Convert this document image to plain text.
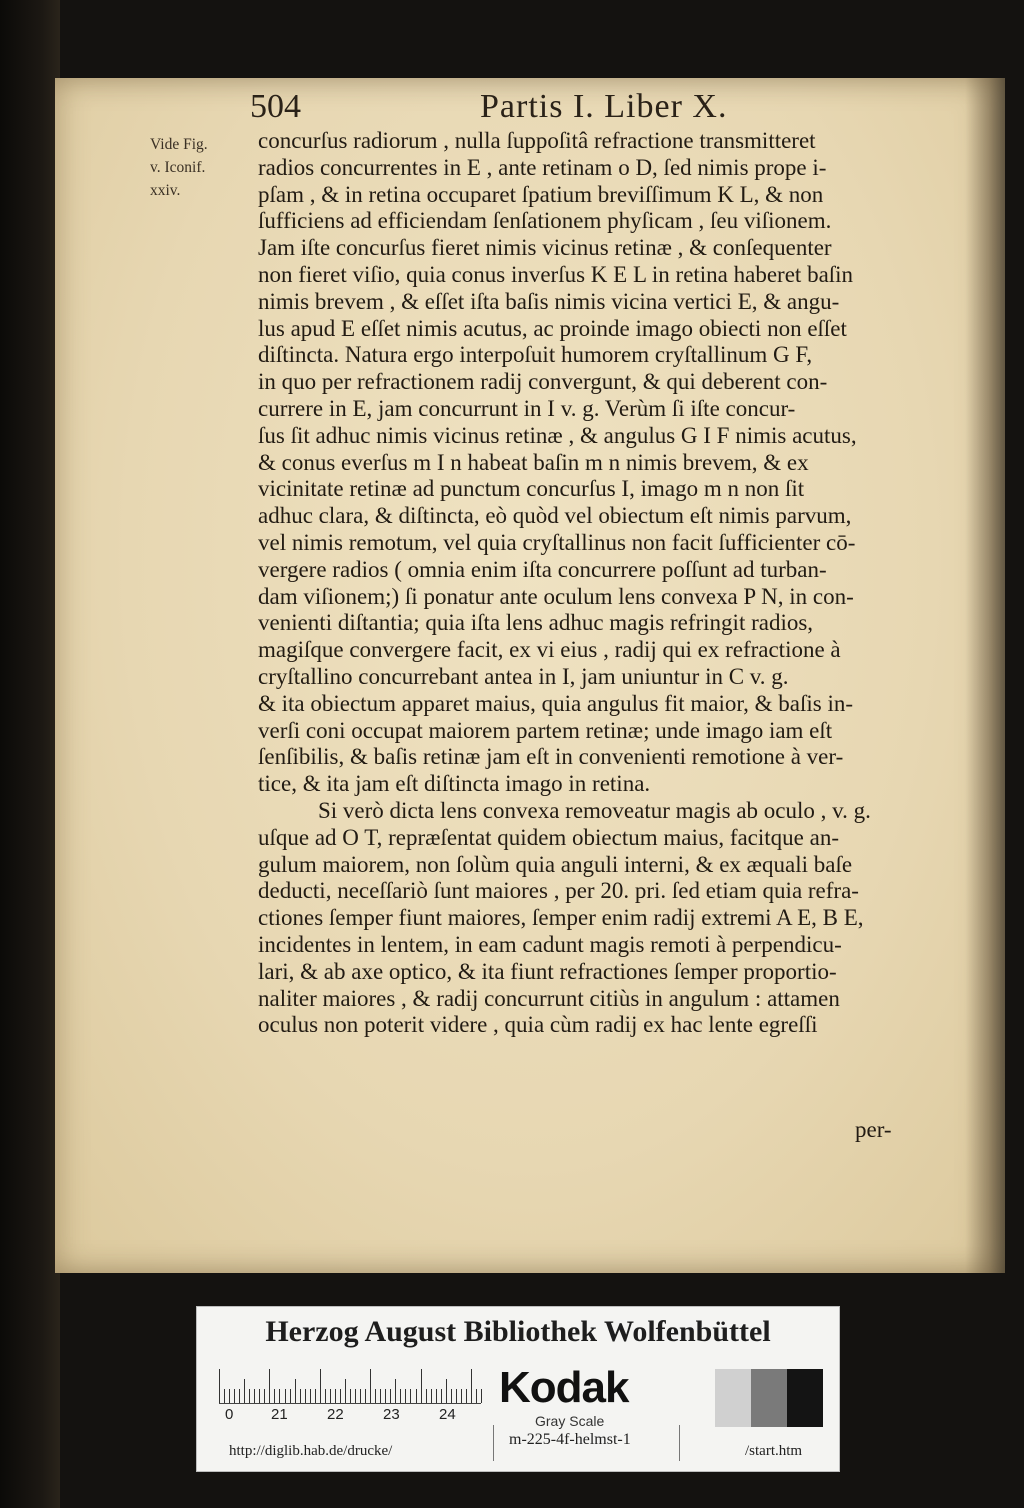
504	Partis I. Liber X.
Vide Fig.
v. Iconif.
xxiv.
concurſus radiorum , nulla ſuppoſitâ refractione transmitteret
radios concurrentes in E , ante retinam o D, ſed nimis prope i-
pſam , & in retina occuparet ſpatium breviſſimum K L, & non
ſufficiens ad efficiendam ſenſationem phyſicam , ſeu viſionem.
Jam iſte concurſus fieret nimis vicinus retinæ , & conſequenter
non fieret viſio, quia conus inverſus K E L in retina haberet baſin
nimis brevem , & eſſet iſta baſis nimis vicina vertici E, & angu-
lus apud E eſſet nimis acutus, ac proinde imago obiecti non eſſet
diſtincta. Natura ergo interpoſuit humorem cryſtallinum G F,
in quo per refractionem radij convergunt, & qui deberent con-
currere in E, jam concurrunt in I v. g. Verùm ſi iſte concur-
ſus ſit adhuc nimis vicinus retinæ , & angulus G I F nimis acutus,
& conus everſus m I n habeat baſin m n nimis brevem, & ex
vicinitate retinæ ad punctum concurſus I, imago m n non ſit
adhuc clara, & diſtincta, eò quòd vel obiectum eſt nimis parvum,
vel nimis remotum, vel quia cryſtallinus non facit ſufficienter cō-
vergere radios ( omnia enim iſta concurrere poſſunt ad turban-
dam viſionem;) ſi ponatur ante oculum lens convexa P N, in con-
venienti diſtantia; quia iſta lens adhuc magis refringit radios,
magiſque convergere facit, ex vi eius , radij qui ex refractione à
cryſtallino concurrebant antea in I, jam uniuntur in C v. g.
& ita obiectum apparet maius, quia angulus fit maior, & baſis in-
verſi coni occupat maiorem partem retinæ; unde imago iam eſt
ſenſibilis, & baſis retinæ jam eſt in convenienti remotione à ver-
tice, & ita jam eſt diſtincta imago in retina.
Si verò dicta lens convexa removeatur magis ab oculo , v. g.
uſque ad O T, repræſentat quidem obiectum maius, facitque an-
gulum maiorem, non ſolùm quia anguli interni, & ex æquali baſe
deducti, neceſſariò ſunt maiores , per 20. pri. ſed etiam quia refra-
ctiones ſemper fiunt maiores, ſemper enim radij extremi A E, B E,
incidentes in lentem, in eam cadunt magis remoti à perpendicu-
lari, & ab axe optico, & ita fiunt refractiones ſemper proportio-
naliter maiores , & radij concurrunt citiùs in angulum : attamen
oculus non poterit videre , quia cùm radij ex hac lente egreſſi
per-
Herzog August Bibliothek Wolfenbüttel
0	21	22	23	24
Kodak
Gray Scale
http://diglib.hab.de/drucke/
m-225-4f-helmst-1
/start.htm
